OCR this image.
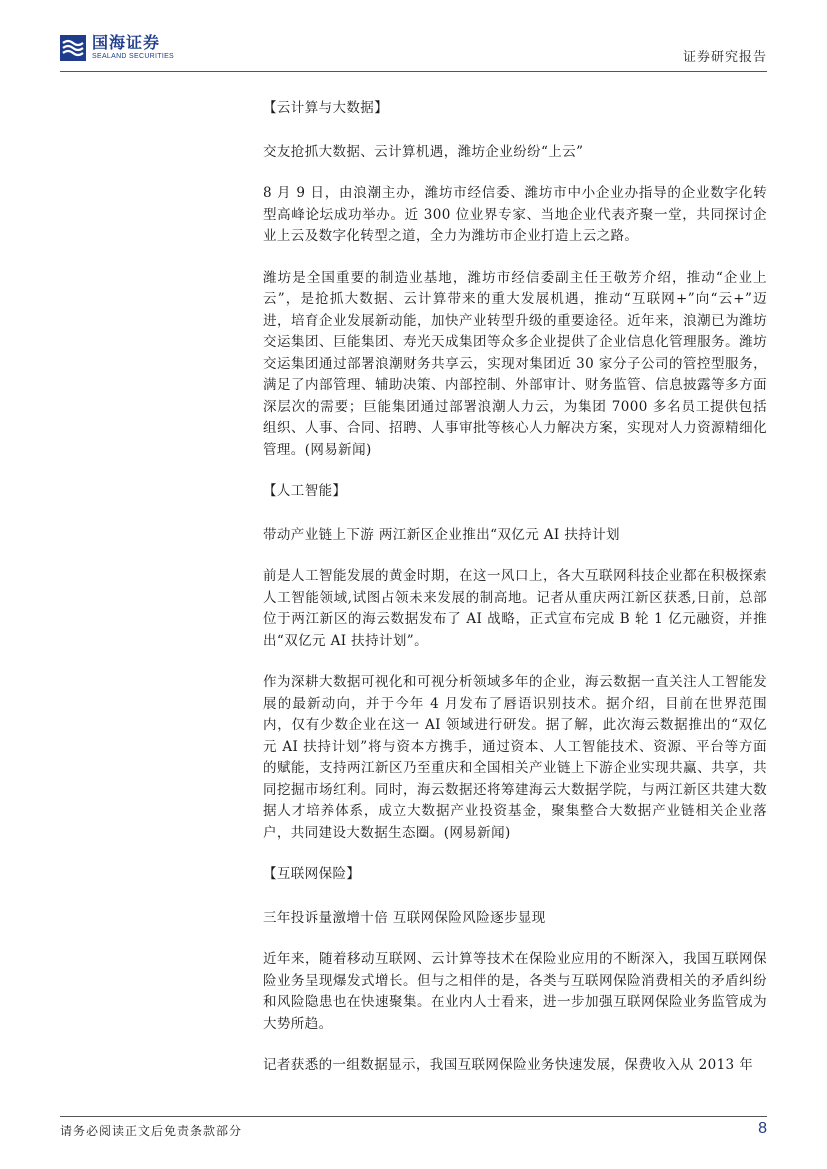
国海证券
SEALAND SECURITIES	证券研究报告

【云计算与大数据】

交友抢抓大数据、云计算机遇，潍坊企业纷纷“上云”

8 月 9 日，由浪潮主办，潍坊市经信委、潍坊市中小企业办指导的企业数字化转型高峰论坛成功举办。近 300 位业界专家、当地企业代表齐聚一堂，共同探讨企业上云及数字化转型之道，全力为潍坊市企业打造上云之路。

潍坊是全国重要的制造业基地，潍坊市经信委副主任王敬芳介绍，推动“企业上云”，是抢抓大数据、云计算带来的重大发展机遇，推动“互联网+”向“云+”迈进，培育企业发展新动能，加快产业转型升级的重要途径。近年来，浪潮已为潍坊交运集团、巨能集团、寿光天成集团等众多企业提供了企业信息化管理服务。潍坊交运集团通过部署浪潮财务共享云，实现对集团近 30 家分子公司的管控型服务，满足了内部管理、辅助决策、内部控制、外部审计、财务监管、信息披露等多方面深层次的需要；巨能集团通过部署浪潮人力云，为集团 7000 多名员工提供包括组织、人事、合同、招聘、人事审批等核心人力解决方案，实现对人力资源精细化管理。(网易新闻)

【人工智能】

带动产业链上下游 两江新区企业推出“双亿元 AI 扶持计划

前是人工智能发展的黄金时期，在这一风口上，各大互联网科技企业都在积极探索人工智能领域,试图占领未来发展的制高地。记者从重庆两江新区获悉,日前，总部位于两江新区的海云数据发布了 AI 战略，正式宣布完成 B 轮 1 亿元融资，并推出“双亿元 AI 扶持计划”。

作为深耕大数据可视化和可视分析领域多年的企业，海云数据一直关注人工智能发展的最新动向，并于今年 4 月发布了唇语识别技术。据介绍，目前在世界范围内，仅有少数企业在这一 AI 领域进行研发。据了解，此次海云数据推出的“双亿元 AI 扶持计划”将与资本方携手，通过资本、人工智能技术、资源、平台等方面的赋能，支持两江新区乃至重庆和全国相关产业链上下游企业实现共赢、共享，共同挖掘市场红利。同时，海云数据还将筹建海云大数据学院，与两江新区共建大数据人才培养体系，成立大数据产业投资基金，聚集整合大数据产业链相关企业落户，共同建设大数据生态圈。(网易新闻)

【互联网保险】

三年投诉量激增十倍 互联网保险风险逐步显现

近年来，随着移动互联网、云计算等技术在保险业应用的不断深入，我国互联网保险业务呈现爆发式增长。但与之相伴的是，各类与互联网保险消费相关的矛盾纠纷和风险隐患也在快速聚集。在业内人士看来，进一步加强互联网保险业务监管成为大势所趋。

记者获悉的一组数据显示，我国互联网保险业务快速发展，保费收入从 2013 年

请务必阅读正文后免责条款部分	8
